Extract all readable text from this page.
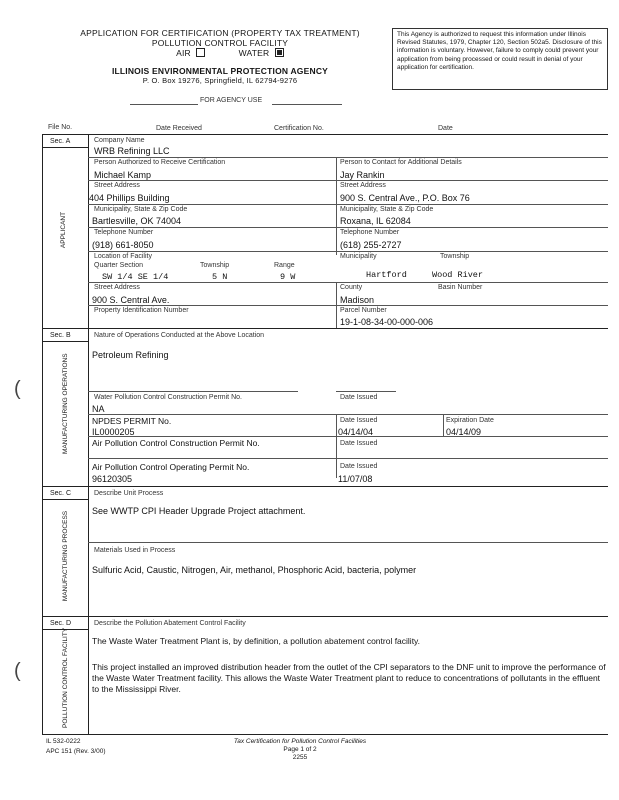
APPLICATION FOR CERTIFICATION (PROPERTY TAX TREATMENT)
POLLUTION CONTROL FACILITY
AIR	WATER
ILLINOIS ENVIRONMENTAL PROTECTION AGENCY
P. O. Box 19276, Springfield, IL 62794-9276
This Agency is authorized to request this information under Illinois Revised Statutes, 1979, Chapter 120, Section 502a5. Disclosure of this information is voluntary. However, failure to comply could prevent your application from being processed or could result in denial of your application for certification.
FOR AGENCY USE
File No.	Date Received	Certification No.	Date
Sec. A
APPLICANT
Company Name
WRB Refining LLC
Person Authorized to Receive Certification
Michael Kamp
Person to Contact for Additional Details
Jay Rankin
Street Address
404 Phillips Building
Street Address
900 S. Central Ave., P.O. Box 76
Municipality, State & Zip Code
Bartlesville, OK 74004
Municipality, State & Zip Code
Roxana, IL 62084
Telephone Number
(918) 661-8050
Telephone Number
(618) 255-2727
Location of Facility
Quarter Section
SW 1/4 SE 1/4
Township
5 N
Range
9 W
Municipality
Hartford
Township
Wood River
Street Address
900 S. Central Ave.
County
Madison
Basin Number
Property Identification Number	Parcel Number
19-1-08-34-00-000-006
Sec. B
(	MANUFACTURING OPERATIONS
Nature of Operations Conducted at the Above Location
Petroleum Refining
Water Pollution Control Construction Permit No.
NA
Date Issued
NPDES PERMIT No.
IL0000205
Date Issued
04/14/04
Expiration Date
04/14/09
Air Pollution Control Construction Permit No.	Date Issued
Air Pollution Control Operating Permit No.
96120305
Date Issued
11/07/08
Sec. C
MANUFACTURING PROCESS
Describe Unit Process
See WWTP CPI Header Upgrade Project attachment.
Materials Used in Process
Sulfuric Acid, Caustic, Nitrogen, Air, methanol, Phosphoric Acid, bacteria, polymer
Sec. D
(	POLLUTION CONTROL FACILITY
Describe the Pollution Abatement Control Facility
The Waste Water Treatment Plant is, by definition, a pollution abatement control facility.
This project installed an improved distribution header from the outlet of the CPI separators to the DNF unit to improve the performance of the Waste Water Treatment facility. This allows the Waste Water Treatment plant to reduce to concentrations of pollutants in the effluent to the Mississippi River.
IL 532-0222
APC 151 (Rev. 3/00)
Tax Certification for Pollution Control Facilities
Page 1 of 2
2255
